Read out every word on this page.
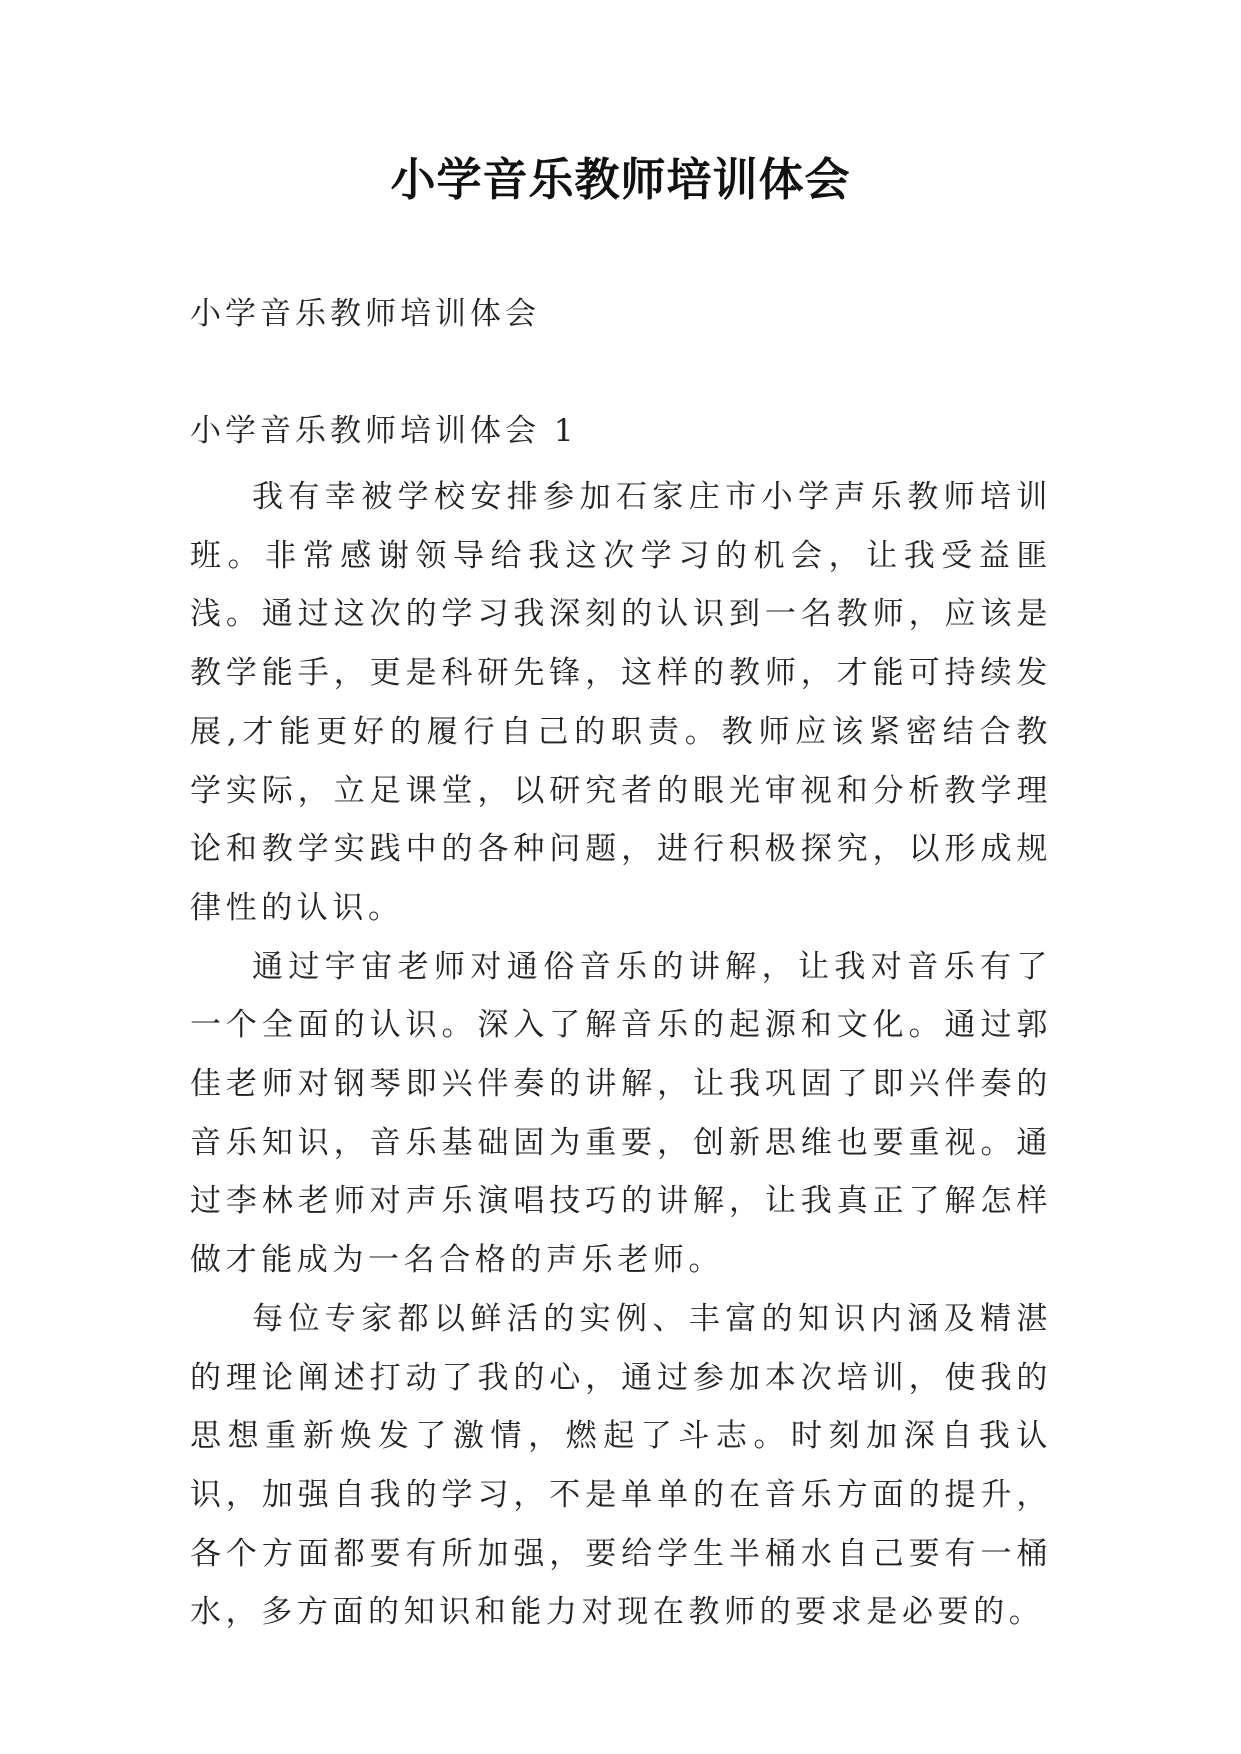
小学音乐教师培训体会
小学音乐教师培训体会
小学音乐教师培训体会 1

我有幸被学校安排参加石家庄市小学声乐教师培训班。非常感谢领导给我这次学习的机会，让我受益匪浅。通过这次的学习我深刻的认识到一名教师，应该是教学能手，更是科研先锋，这样的教师，才能可持续发展,才能更好的履行自己的职责。教师应该紧密结合教学实际，立足课堂，以研究者的眼光审视和分析教学理论和教学实践中的各种问题，进行积极探究，以形成规律性的认识。

通过宇宙老师对通俗音乐的讲解，让我对音乐有了一个全面的认识。深入了解音乐的起源和文化。通过郭佳老师对钢琴即兴伴奏的讲解，让我巩固了即兴伴奏的音乐知识，音乐基础固为重要，创新思维也要重视。通过李林老师对声乐演唱技巧的讲解，让我真正了解怎样做才能成为一名合格的声乐老师。

每位专家都以鲜活的实例、丰富的知识内涵及精湛的理论阐述打动了我的心，通过参加本次培训，使我的思想重新焕发了激情，燃起了斗志。时刻加深自我认识，加强自我的学习，不是单单的在音乐方面的提升，各个方面都要有所加强，要给学生半桶水自己要有一桶水，多方面的知识和能力对现在教师的要求是必要的。
